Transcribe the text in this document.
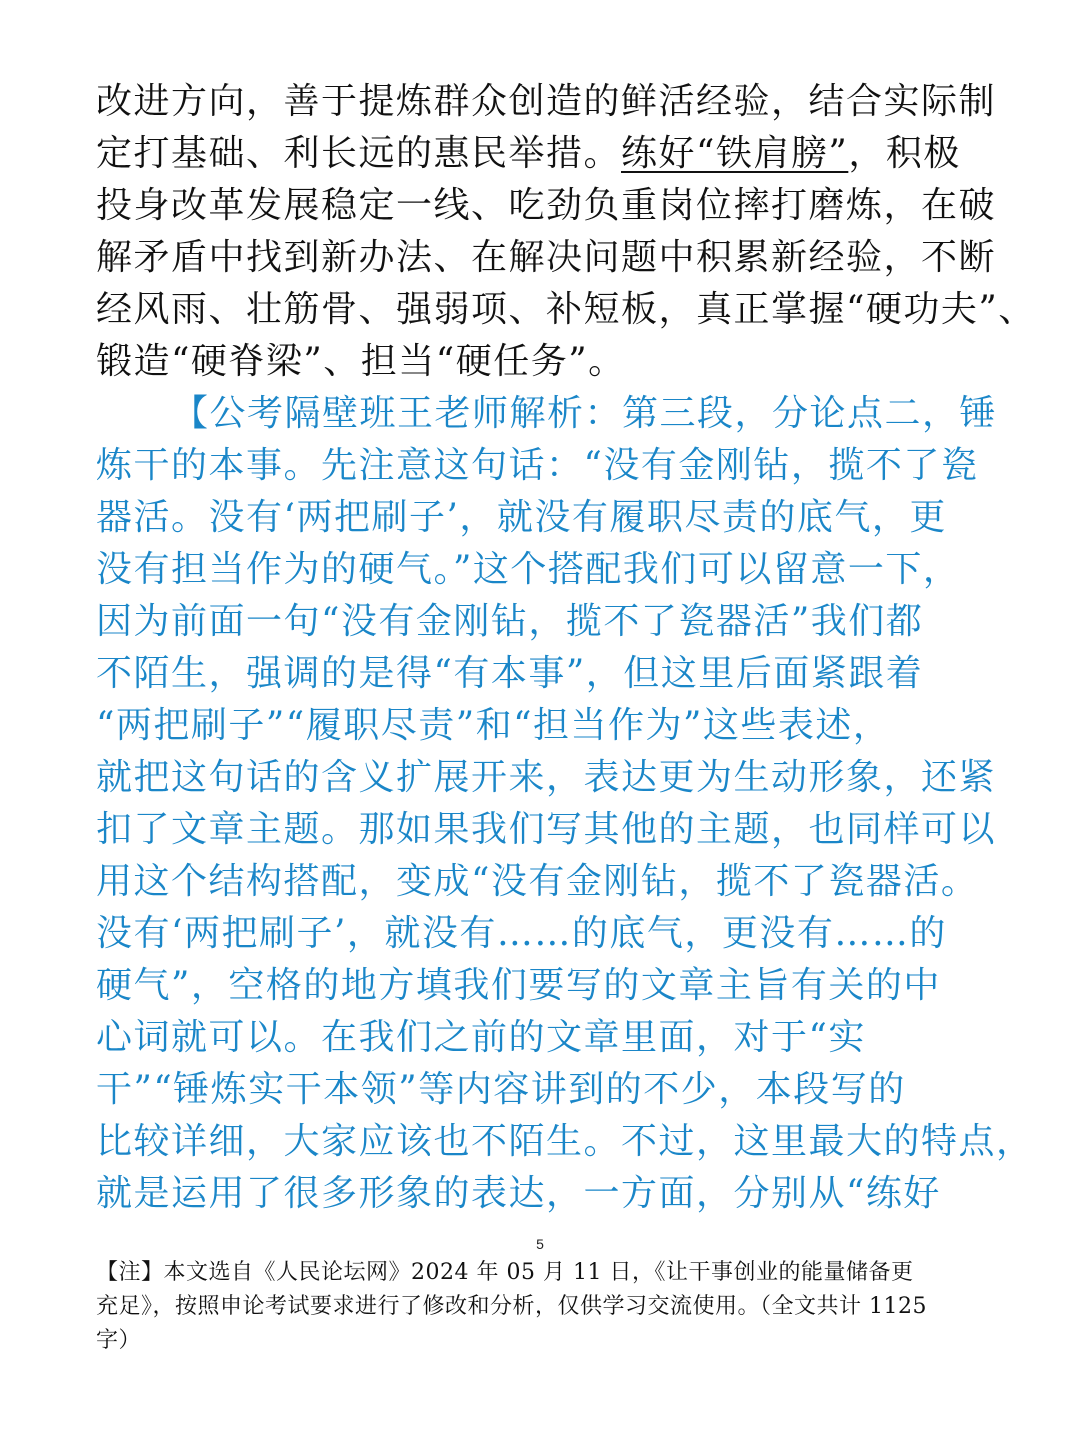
改进方向，善于提炼群众创造的鲜活经验，结合实际制
定打基础、利长远的惠民举措。练好“铁肩膀”，积极
投身改革发展稳定一线、吃劲负重岗位摔打磨炼，在破
解矛盾中找到新办法、在解决问题中积累新经验，不断
经风雨、壮筋骨、强弱项、补短板，真正掌握“硬功夫”、
锻造“硬脊梁”、担当“硬任务”。
【公考隔壁班王老师解析：第三段，分论点二，锤
炼干的本事。先注意这句话：“没有金刚钻，揽不了瓷
器活。没有‘两把刷子’，就没有履职尽责的底气，更
没有担当作为的硬气。”这个搭配我们可以留意一下，
因为前面一句“没有金刚钻，揽不了瓷器活”我们都
不陌生，强调的是得“有本事”，但这里后面紧跟着
“两把刷子”“履职尽责”和“担当作为”这些表述，
就把这句话的含义扩展开来，表达更为生动形象，还紧
扣了文章主题。那如果我们写其他的主题，也同样可以
用这个结构搭配，变成“没有金刚钻，揽不了瓷器活。
没有‘两把刷子’，就没有……的底气，更没有……的
硬气”，空格的地方填我们要写的文章主旨有关的中
心词就可以。在我们之前的文章里面，对于“实
干”“锤炼实干本领”等内容讲到的不少，本段写的
比较详细，大家应该也不陌生。不过，这里最大的特点，
就是运用了很多形象的表达，一方面，分别从“练好
5
【注】本文选自《人民论坛网》2024 年 05 月 11 日，《让干事创业的能量储备更
充足》，按照申论考试要求进行了修改和分析，仅供学习交流使用。（全文共计 1125
字）
